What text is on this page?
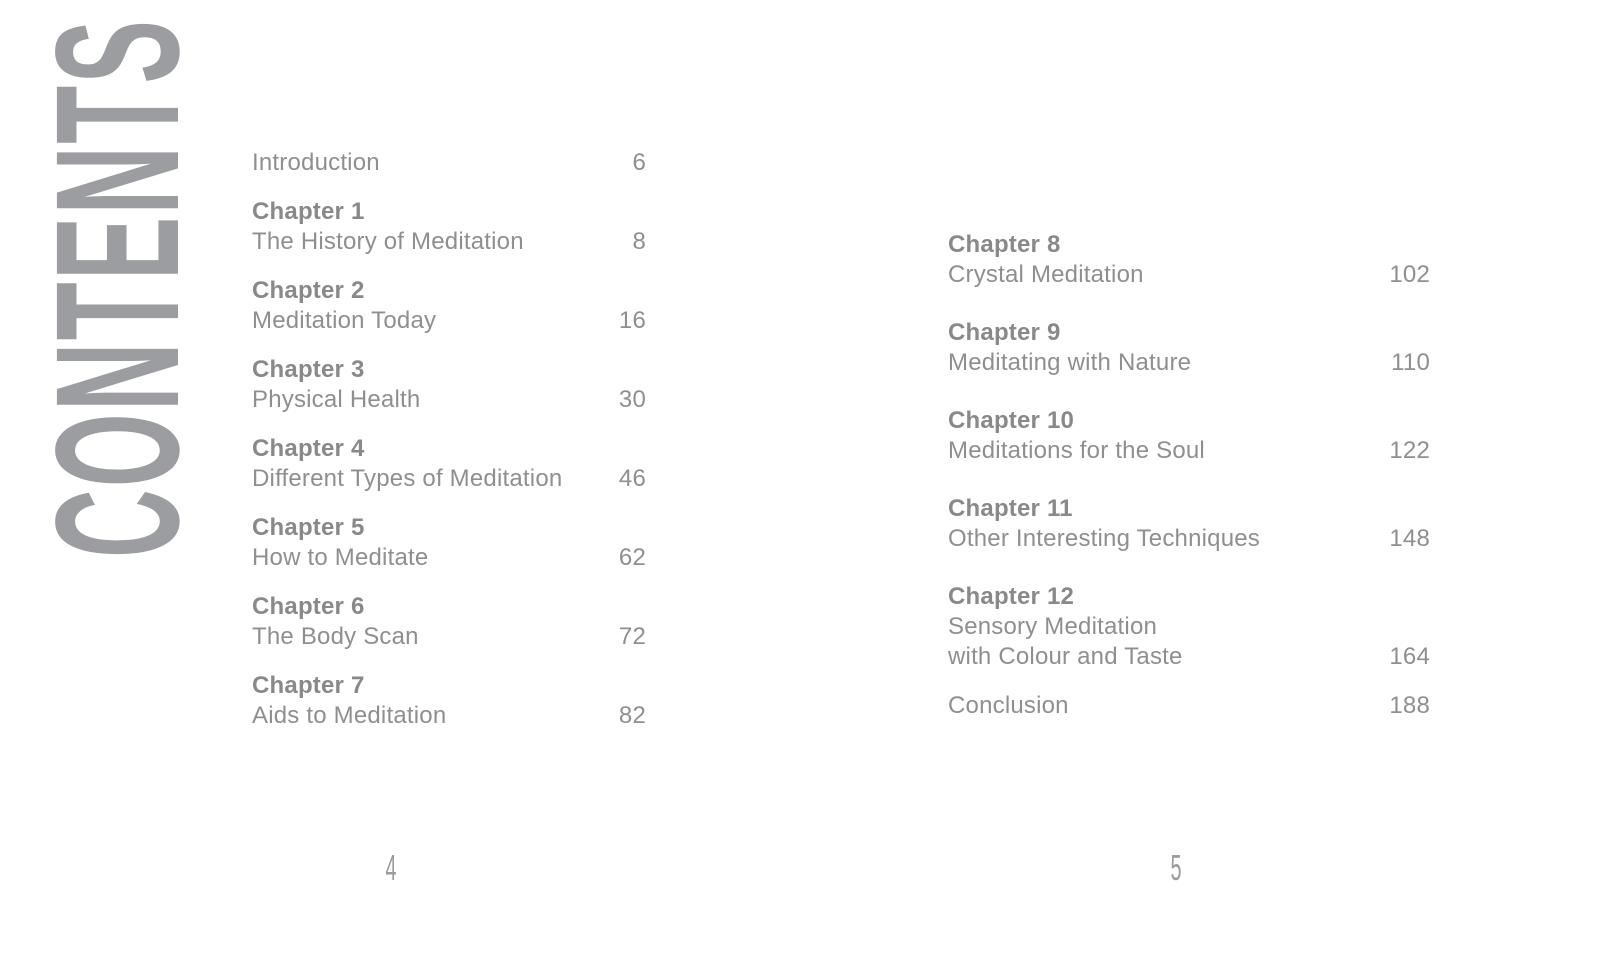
CONTENTS Introduction	6
Chapter 1
The History of Meditation	8
Chapter 2
Meditation Today	16
Chapter 3
Physical Health	30
Chapter 4
Different Types of Meditation	46
Chapter 5
How to Meditate	62
Chapter 6
The Body Scan	72
Chapter 7
Aids to Meditation	82
Chapter 8
Crystal Meditation	102
Chapter 9
Meditating with Nature	110
Chapter 10
Meditations for the Soul	122
Chapter 11
Other Interesting Techniques	148
Chapter 12
Sensory Meditation
with Colour and Taste	164
Conclusion	188
4	5
